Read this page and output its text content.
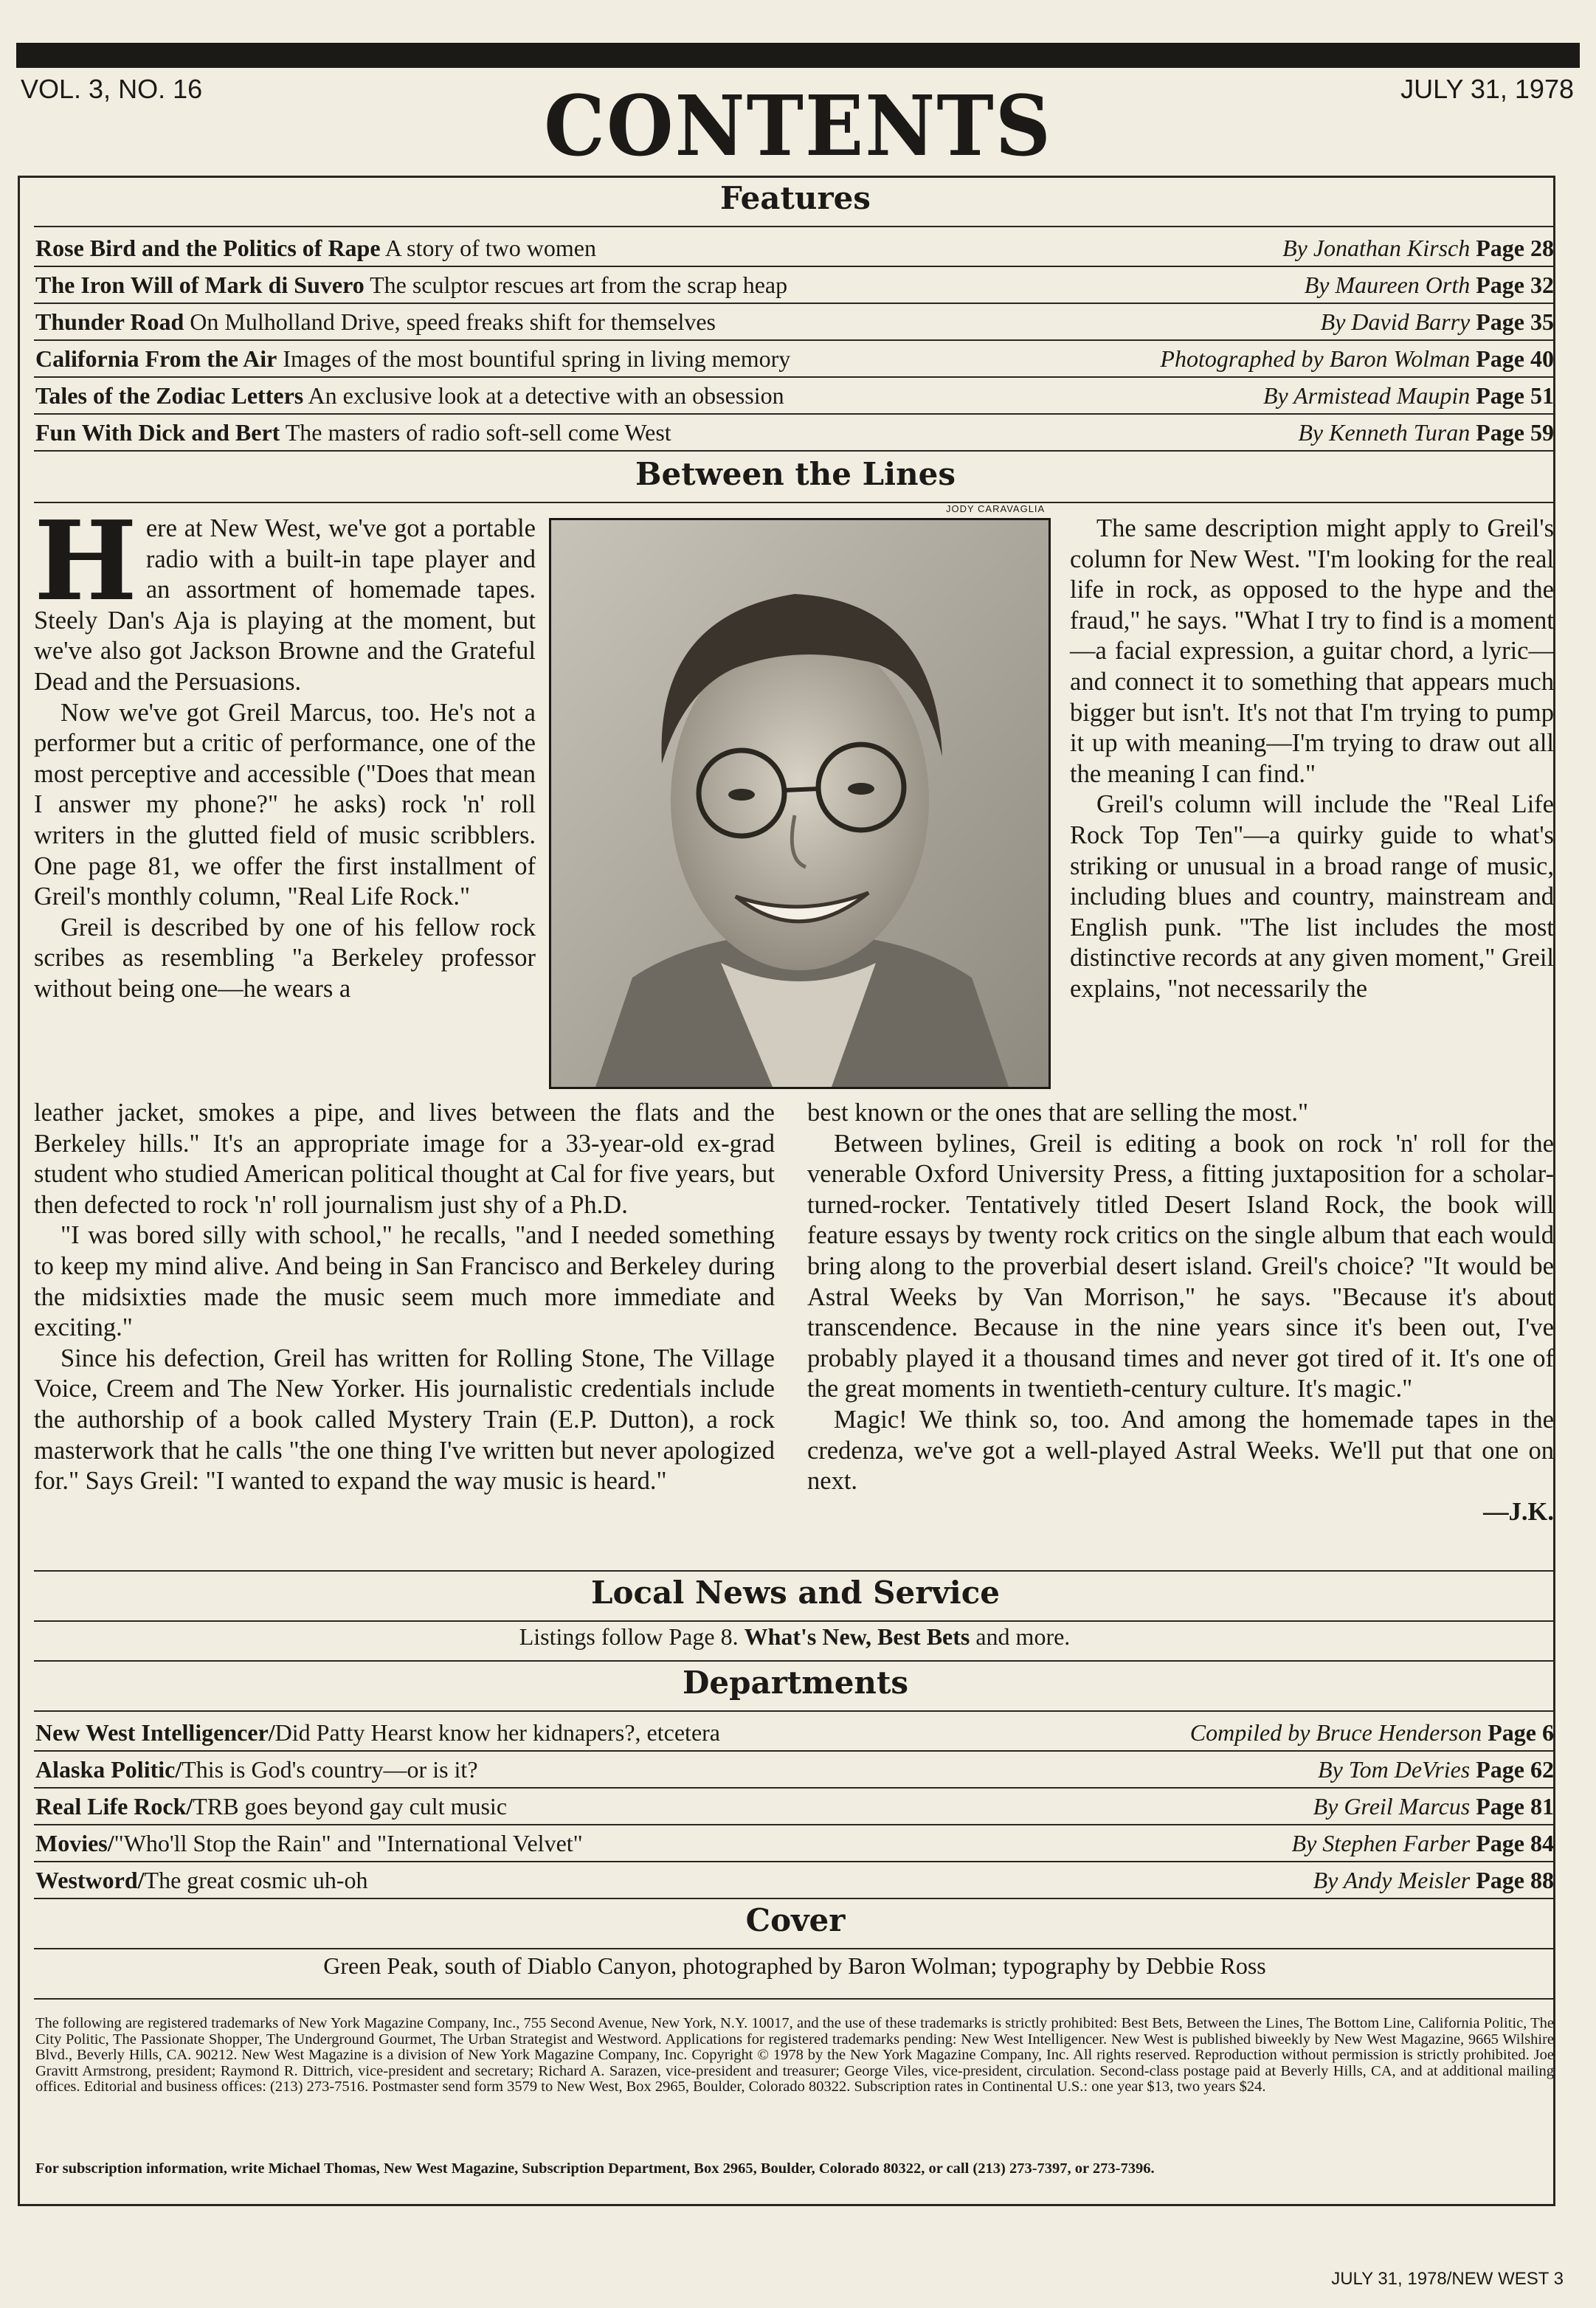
VOL. 3, NO. 16	CONTENTS	JULY 31, 1978
Features
Rose Bird and the Politics of Rape A story of two women	By Jonathan Kirsch Page 28
The Iron Will of Mark di Suvero The sculptor rescues art from the scrap heap	By Maureen Orth Page 32
Thunder Road On Mulholland Drive, speed freaks shift for themselves	By David Barry Page 35
California From the Air Images of the most bountiful spring in living memory	Photographed by Baron Wolman Page 40
Tales of the Zodiac Letters An exclusive look at a detective with an obsession	By Armistead Maupin Page 51
Fun With Dick and Bert The masters of radio soft-sell come West	By Kenneth Turan Page 59
Between the Lines
JODY CARAVAGLIA
H ere at New West, we've got a portable radio with a built-in tape player and an assortment of homemade tapes. Steely Dan's Aja is playing at the moment, but we've also got Jackson Browne and the Grateful Dead and the Persuasions.

Now we've got Greil Marcus, too. He's not a performer but a critic of performance, one of the most perceptive and accessible ("Does that mean I answer my phone?" he asks) rock 'n' roll writers in the glutted field of music scribblers. One page 81, we offer the first installment of Greil's monthly column, "Real Life Rock."

Greil is described by one of his fellow rock scribes as resembling "a Berkeley professor without being one—he wears a

leather jacket, smokes a pipe, and lives between the flats and the Berkeley hills." It's an appropriate image for a 33-year-old ex-grad student who studied American political thought at Cal for five years, but then defected to rock 'n' roll journalism just shy of a Ph.D.

"I was bored silly with school," he recalls, "and I needed something to keep my mind alive. And being in San Francisco and Berkeley during the midsixties made the music seem much more immediate and exciting."

Since his defection, Greil has written for Rolling Stone, The Village Voice, Creem and The New Yorker. His journalistic credentials include the authorship of a book called Mystery Train (E.P. Dutton), a rock masterwork that he calls "the one thing I've written but never apologized for." Says Greil: "I wanted to expand the way music is heard."

The same description might apply to Greil's column for New West. "I'm looking for the real life in rock, as opposed to the hype and the fraud," he says. "What I try to find is a moment—a facial expression, a guitar chord, a lyric—and connect it to something that appears much bigger but isn't. It's not that I'm trying to pump it up with meaning—I'm trying to draw out all the meaning I can find."

Greil's column will include the "Real Life Rock Top Ten"—a quirky guide to what's striking or unusual in a broad range of music, including blues and country, mainstream and English punk. "The list includes the most distinctive records at any given moment," Greil explains, "not necessarily the

best known or the ones that are selling the most."

Between bylines, Greil is editing a book on rock 'n' roll for the venerable Oxford University Press, a fitting juxtaposition for a scholar-turned-rocker. Tentatively titled Desert Island Rock, the book will feature essays by twenty rock critics on the single album that each would bring along to the proverbial desert island. Greil's choice? "It would be Astral Weeks by Van Morrison," he says. "Because it's about transcendence. Because in the nine years since it's been out, I've probably played it a thousand times and never got tired of it. It's one of the great moments in twentieth-century culture. It's magic."

Magic! We think so, too. And among the homemade tapes in the credenza, we've got a well-played Astral Weeks. We'll put that one on next.

—J.K.
Local News and Service
Listings follow Page 8. What's New, Best Bets and more.
Departments
New West Intelligencer/Did Patty Hearst know her kidnapers?, etcetera	Compiled by Bruce Henderson Page 6
Alaska Politic/This is God's country—or is it?	By Tom DeVries Page 62
Real Life Rock/TRB goes beyond gay cult music	By Greil Marcus Page 81
Movies/"Who'll Stop the Rain" and "International Velvet"	By Stephen Farber Page 84
Westword/The great cosmic uh-oh	By Andy Meisler Page 88
Cover
Green Peak, south of Diablo Canyon, photographed by Baron Wolman; typography by Debbie Ross

The following are registered trademarks of New York Magazine Company, Inc., 755 Second Avenue, New York, N.Y. 10017, and the use of these trademarks is strictly prohibited: Best Bets, Between the Lines, The Bottom Line, California Politic, The City Politic, The Passionate Shopper, The Underground Gourmet, The Urban Strategist and Westword. Applications for registered trademarks pending: New West Intelligencer. New West is published biweekly by New West Magazine, 9665 Wilshire Blvd., Beverly Hills, CA. 90212. New West Magazine is a division of New York Magazine Company, Inc. Copyright © 1978 by the New York Magazine Company, Inc. All rights reserved. Reproduction without permission is strictly prohibited. Joe Gravitt Armstrong, president; Raymond R. Dittrich, vice-president and secretary; Richard A. Sarazen, vice-president and treasurer; George Viles, vice-president, circulation. Second-class postage paid at Beverly Hills, CA, and at additional mailing offices. Editorial and business offices: (213) 273-7516. Postmaster send form 3579 to New West, Box 2965, Boulder, Colorado 80322. Subscription rates in Continental U.S.: one year $13, two years $24.

For subscription information, write Michael Thomas, New West Magazine, Subscription Department, Box 2965, Boulder, Colorado 80322, or call (213) 273-7397, or 273-7396.
JULY 31, 1978/NEW WEST 3
